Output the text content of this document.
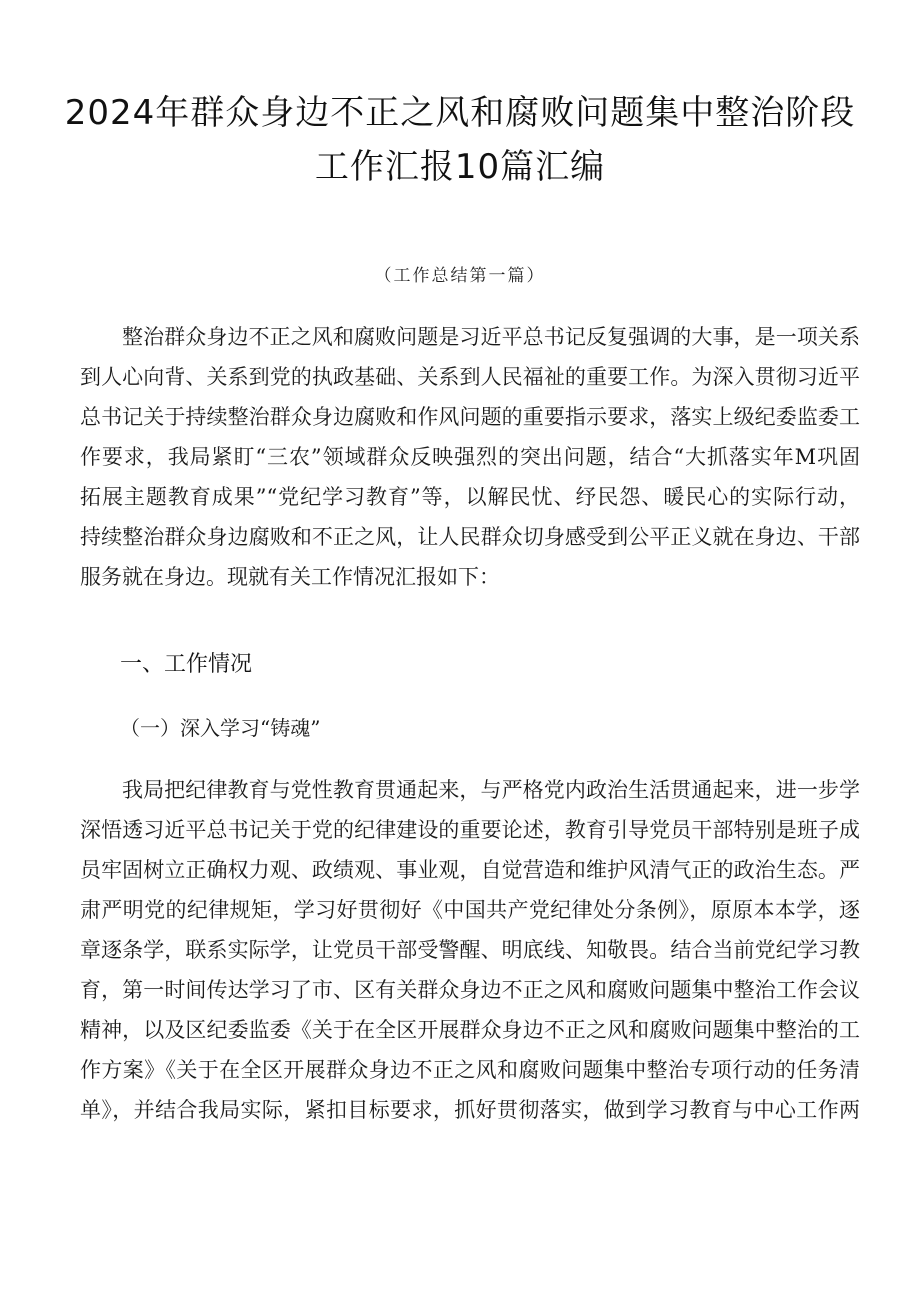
2024年群众身边不正之风和腐败问题集中整治阶段
工作汇报10篇汇编
（工作总结第一篇）
整治群众身边不正之风和腐败问题是习近平总书记反复强调的大事，是一项关系
到人心向背、关系到党的执政基础、关系到人民福祉的重要工作。为深入贯彻习近平
总书记关于持续整治群众身边腐败和作风问题的重要指示要求，落实上级纪委监委工
作要求，我局紧盯“三农”领域群众反映强烈的突出问题，结合“大抓落实年M巩固
拓展主题教育成果”“党纪学习教育”等，以解民忧、纾民怨、暖民心的实际行动，
持续整治群众身边腐败和不正之风，让人民群众切身感受到公平正义就在身边、干部
服务就在身边。现就有关工作情况汇报如下：
一、工作情况
（一）深入学习“铸魂”
我局把纪律教育与党性教育贯通起来，与严格党内政治生活贯通起来，进一步学
深悟透习近平总书记关于党的纪律建设的重要论述，教育引导党员干部特别是班子成
员牢固树立正确权力观、政绩观、事业观，自觉营造和维护风清气正的政治生态。严
肃严明党的纪律规矩，学习好贯彻好《中国共产党纪律处分条例》，原原本本学，逐
章逐条学，联系实际学，让党员干部受警醒、明底线、知敬畏。结合当前党纪学习教
育，第一时间传达学习了市、区有关群众身边不正之风和腐败问题集中整治工作会议
精神，以及区纪委监委《关于在全区开展群众身边不正之风和腐败问题集中整治的工
作方案》《关于在全区开展群众身边不正之风和腐败问题集中整治专项行动的任务清
单》，并结合我局实际，紧扣目标要求，抓好贯彻落实，做到学习教育与中心工作两
